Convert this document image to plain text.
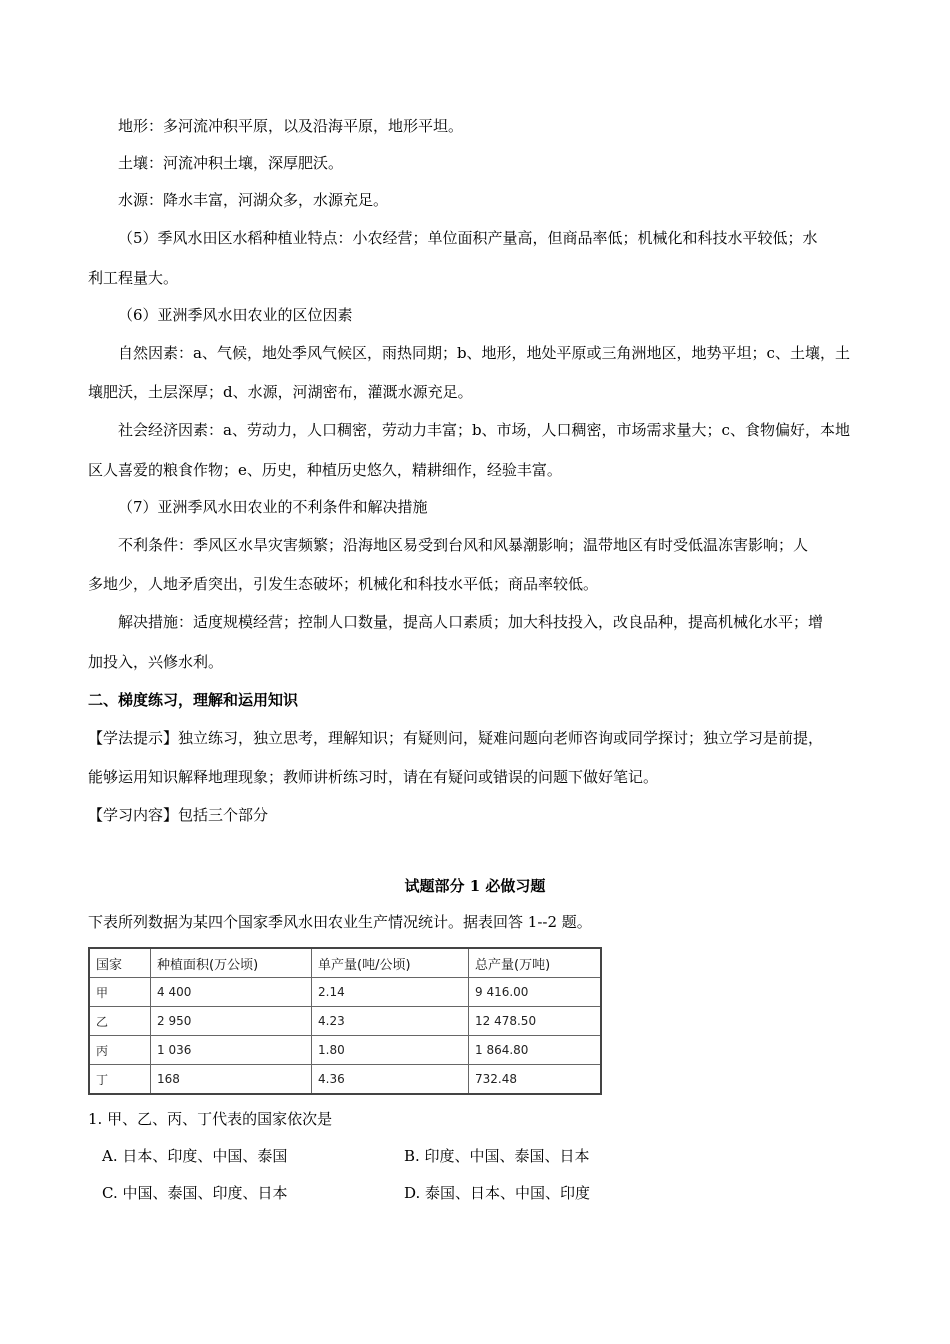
地形：多河流冲积平原，以及沿海平原，地形平坦。
土壤：河流冲积土壤，深厚肥沃。
水源：降水丰富，河湖众多，水源充足。
（5）季风水田区水稻种植业特点：小农经营；单位面积产量高，但商品率低；机械化和科技水平较低；水
利工程量大。
（6）亚洲季风水田农业的区位因素
自然因素：a、气候，地处季风气候区，雨热同期；b、地形，地处平原或三角洲地区，地势平坦；c、土壤，土
壤肥沃，土层深厚；d、水源，河湖密布，灌溉水源充足。
社会经济因素：a、劳动力，人口稠密，劳动力丰富；b、市场，人口稠密，市场需求量大；c、食物偏好，本地
区人喜爱的粮食作物；e、历史，种植历史悠久，精耕细作，经验丰富。
（7）亚洲季风水田农业的不利条件和解决措施
不利条件：季风区水旱灾害频繁；沿海地区易受到台风和风暴潮影响；温带地区有时受低温冻害影响；人
多地少，人地矛盾突出，引发生态破坏；机械化和科技水平低；商品率较低。
解决措施：适度规模经营；控制人口数量，提高人口素质；加大科技投入，改良品种，提高机械化水平；增
加投入，兴修水利。
二、梯度练习，理解和运用知识
【学法提示】独立练习，独立思考，理解知识；有疑则问，疑难问题向老师咨询或同学探讨；独立学习是前提，
能够运用知识解释地理现象；教师讲析练习时，请在有疑问或错误的问题下做好笔记。
【学习内容】包括三个部分
试题部分 1 必做习题
下表所列数据为某四个国家季风水田农业生产情况统计。据表回答 1--2 题。
国家	种植面积(万公顷)	单产量(吨/公顷)	总产量(万吨)
甲	4 400	2.14	9 416.00
乙	2 950	4.23	12 478.50
丙	1 036	1.80	1 864.80
丁	168	4.36	732.48
1. 甲、乙、丙、丁代表的国家依次是
A. 日本、印度、中国、泰国	B. 印度、中国、泰国、日本
C. 中国、泰国、印度、日本	D. 泰国、日本、中国、印度
